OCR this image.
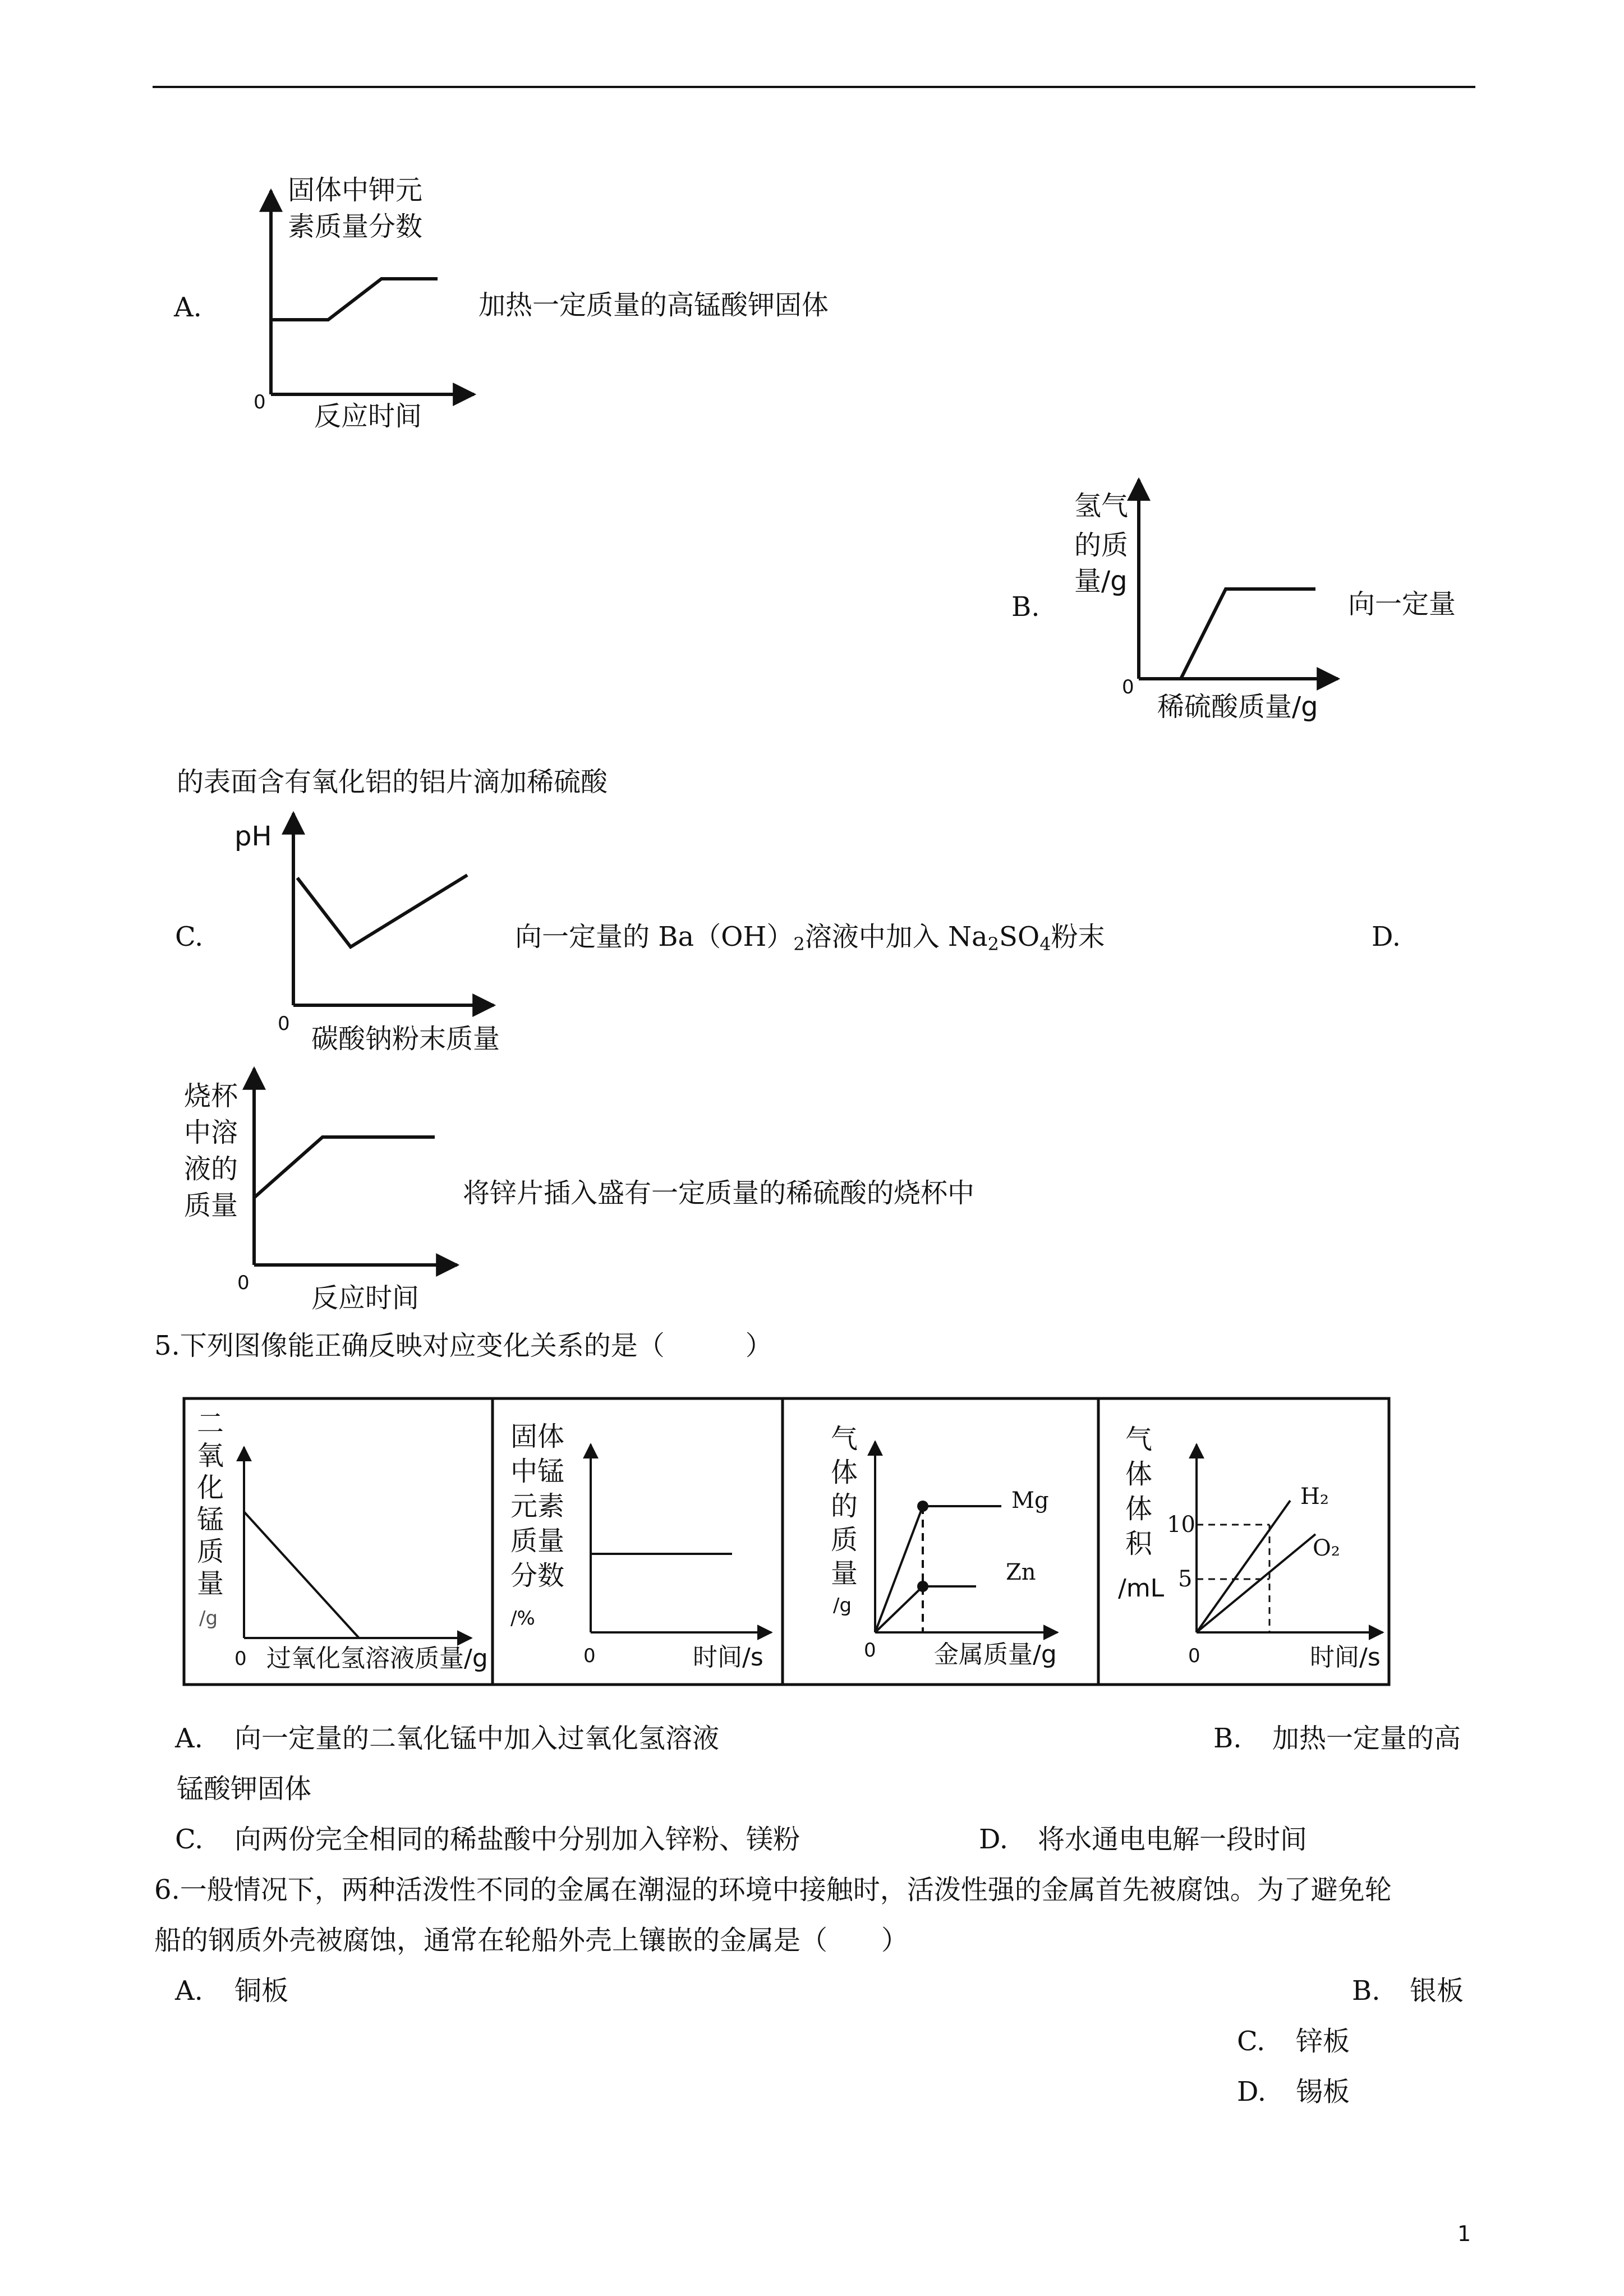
A.
固体中钾元
素质量分数
0 反应时间
加热一定质量的高锰酸钾固体
B.
氢气
的质
量/g
0
稀硫酸质量/g
向一定量
的表面含有氧化铝的铝片滴加稀硫酸
pH
C.
0 碳酸钠粉末质量
向一定量的 $Ba(OH)_2$溶液中加入 $Na_2SO_4$粉末	D.
烧杯
中溶
液的
质量
0 反应时间
将锌片插入盛有一定质量的稀硫酸的烧杯中
5.下列图像能正确反映对应变化关系的是（　　　）
二
氧
化
锰
质
量
/g
0 过氧化氢溶液质量/g
固体
中锰
元素
质量
分数
/%
0	时间/s
气
体
的
质
量
/g
0 金属质量/g
Mg
Zn
气
体
体
积
/mL
10
5
0	时间/s
H₂
O₂
A. 向一定量的二氧化锰中加入过氧化氢溶液	B. 加热一定量的高
锰酸钾固体
C. 向两份完全相同的稀盐酸中分别加入锌粉、镁粉	D. 将水通电电解一段时间
6.一般情况下，两种活泼性不同的金属在潮湿的环境中接触时，活泼性强的金属首先被腐蚀。为了避免轮
船的钢质外壳被腐蚀，通常在轮船外壳上镶嵌的金属是（　　）
A. 铜板	B. 银板
C. 锌板
D. 锡板
1
